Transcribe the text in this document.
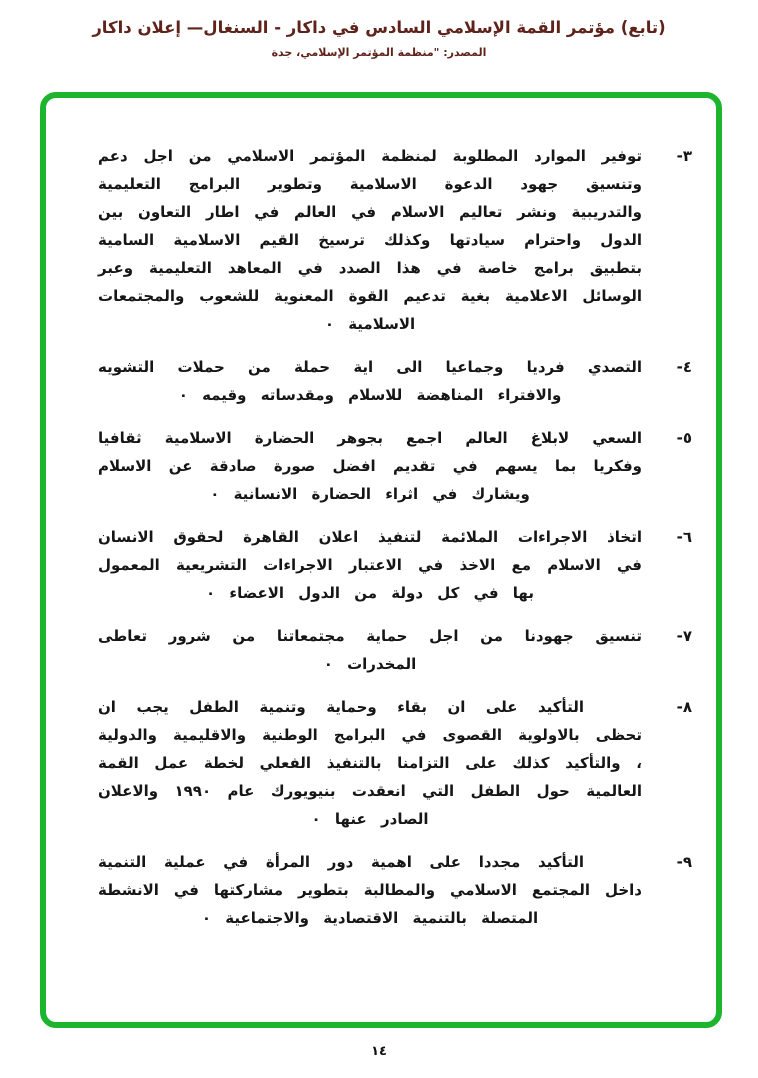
(تابع) مؤتمر القمة الإسلامي السادس في داكار - السنغال— إعلان داكار
المصدر: "منظمة المؤتمر الإسلامي، جدة
٣-

توفير الموارد المطلوبة لمنظمة المؤتمر الاسلامي من اجل دعم وتنسيق جهود الدعوة الاسلامية وتطوير البرامج التعليمية والتدريبية ونشر تعاليم الاسلام في العالم في اطار التعاون بين الدول واحترام سيادتها وكذلك ترسيخ القيم الاسلامية السامية بتطبيق برامج خاصة في هذا الصدد في المعاهد التعليمية وعبر الوسائل الاعلامية بغية تدعيم القوة المعنوية للشعوب والمجتمعات الاسلامية ٠

٤-

التصدي فرديا وجماعيا الى اية حملة من حملات التشويه والافتراء المناهضة للاسلام ومقدساته وقيمه ٠

٥-

السعي لابلاغ العالم اجمع بجوهر الحضارة الاسلامية ثقافيا وفكريا بما يسهم في تقديم افضل صورة صادقة عن الاسلام ويشارك في اثراء الحضارة الانسانية ٠

٦-

اتخاذ الاجراءات الملائمة لتنفيذ اعلان القاهرة لحقوق الانسان في الاسلام مع الاخذ في الاعتبار الاجراءات التشريعية المعمول بها في كل دولة من الدول الاعضاء ٠

٧-

تنسيق جهودنا من اجل حماية مجتمعاتنا من شرور تعاطى المخدرات ٠

٨-

التأكيد على ان بقاء وحماية وتنمية الطفل يجب ان تحظى بالاولوية القصوى في البرامج الوطنية والاقليمية والدولية ، والتأكيد كذلك على التزامنا بالتنفيذ الفعلي لخطة عمل القمة العالمية حول الطفل التي انعقدت بنيويورك عام ١٩٩٠ والاعلان الصادر عنها ٠

٩-

التأكيد مجددا على اهمية دور المرأة في عملية التنمية داخل المجتمع الاسلامي والمطالبة بتطوير مشاركتها في الانشطة المتصلة بالتنمية الاقتصادية والاجتماعية ٠

١٤
